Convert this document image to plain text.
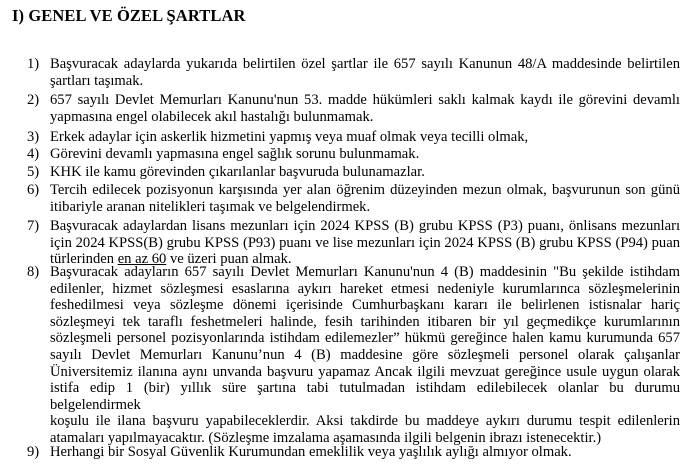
I) GENEL VE ÖZEL ŞARTLAR
1) Başvuracak adaylarda yukarıda belirtilen özel şartlar ile 657 sayılı Kanunun 48/A maddesinde belirtilen
şartları taşımak.
2) 657 sayılı Devlet Memurları Kanunu'nun 53. madde hükümleri saklı kalmak kaydı ile görevini devamlı
yapmasına engel olabilecek akıl hastalığı bulunmamak.
3) Erkek adaylar için askerlik hizmetini yapmış veya muaf olmak veya tecilli olmak,
4) Görevini devamlı yapmasına engel sağlık sorunu bulunmamak.
5) KHK ile kamu görevinden çıkarılanlar başvuruda bulunamazlar.
6) Tercih edilecek pozisyonun karşısında yer alan öğrenim düzeyinden mezun olmak, başvurunun son günü
itibariyle aranan nitelikleri taşımak ve belgelendirmek.
7) Başvuracak adaylardan lisans mezunları için 2024 KPSS (B) grubu KPSS (P3) puanı, önlisans mezunları
için 2024 KPSS(B) grubu KPSS (P93) puanı ve lise mezunları için 2024 KPSS (B) grubu KPSS (P94) puan
türlerinden en az 60 ve üzeri puan almak.
8) Başvuracak adayların 657 sayılı Devlet Memurları Kanunu'nun 4 (B) maddesinin "Bu şekilde istihdam
edilenler, hizmet sözleşmesi esaslarına aykırı hareket etmesi nedeniyle kurumlarınca sözleşmelerinin
feshedilmesi veya sözleşme dönemi içerisinde Cumhurbaşkanı kararı ile belirlenen istisnalar hariç
sözleşmeyi tek taraflı feshetmeleri halinde, fesih tarihinden itibaren bir yıl geçmedikçe kurumlarının
sözleşmeli personel pozisyonlarında istihdam edilemezler” hükmü gereğince halen kamu kurumunda 657
sayılı Devlet Memurları Kanunu’nun 4 (B) maddesine göre sözleşmeli personel olarak çalışanlar
Üniversitemiz ilanına aynı unvanda başvuru yapamaz Ancak ilgili mevzuat gereğince usule uygun olarak
istifa edip 1 (bir) yıllık süre şartına tabi tutulmadan istihdam edilebilecek olanlar bu durumu belgelendirmek
koşulu ile ilana başvuru yapabileceklerdir. Aksi takdirde bu maddeye aykırı durumu tespit edilenlerin
atamaları yapılmayacaktır. (Sözleşme imzalama aşamasında ilgili belgenin ibrazı istenecektir.)
9) Herhangi bir Sosyal Güvenlik Kurumundan emeklilik veya yaşlılık aylığı almıyor olmak.
